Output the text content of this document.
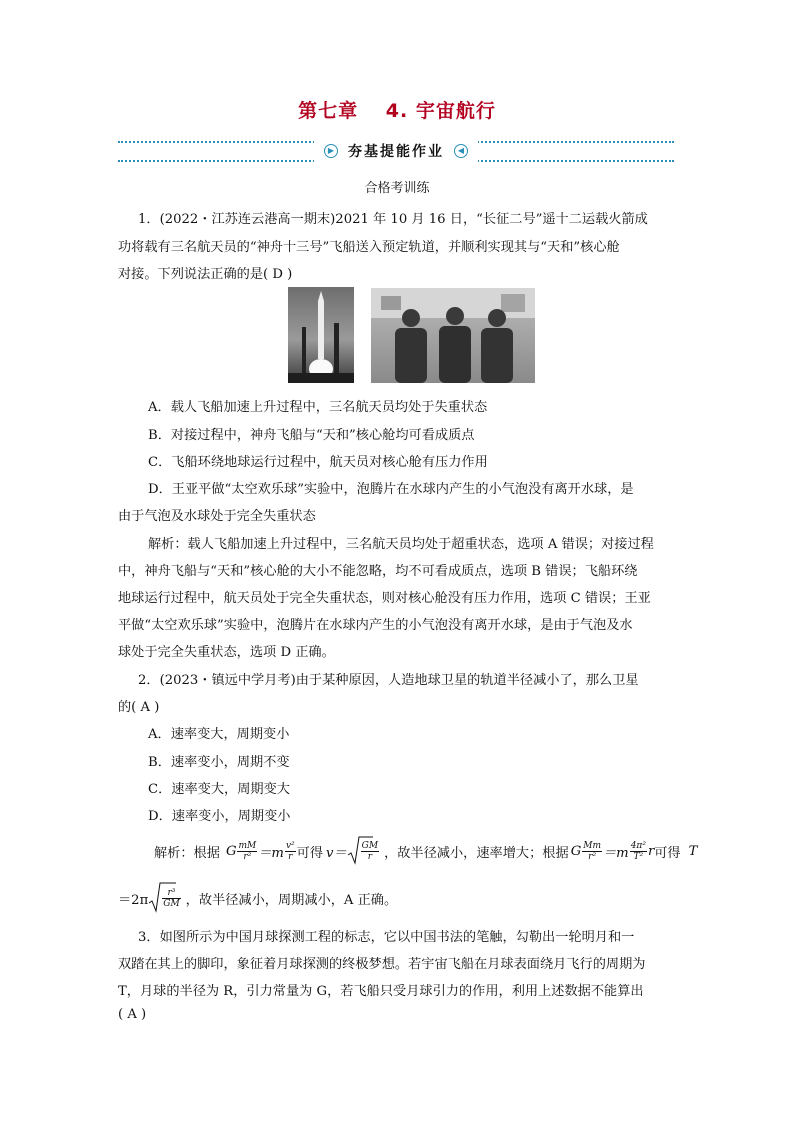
第七章　 4. 宇宙航行
▶ 夯基提能作业	◀
合格考训练
1．(2022・江苏连云港高一期末)2021 年 10 月 16 日，“长征二号”遥十二运载火箭成
功将载有三名航天员的“神舟十三号”飞船送入预定轨道，并顺利实现其与“天和”核心舱
对接。下列说法正确的是( D )
A．载人飞船加速上升过程中，三名航天员均处于失重状态
B．对接过程中，神舟飞船与“天和”核心舱均可看成质点
C．飞船环绕地球运行过程中，航天员对核心舱有压力作用
D．王亚平做“太空欢乐球”实验中，泡腾片在水球内产生的小气泡没有离开水球，是
由于气泡及水球处于完全失重状态
解析：载人飞船加速上升过程中，三名航天员均处于超重状态，选项 A 错误；对接过程
中，神舟飞船与“天和”核心舱的大小不能忽略，均不可看成质点，选项 B 错误；飞船环绕
地球运行过程中，航天员处于完全失重状态，则对核心舱没有压力作用，选项 C 错误；王亚
平做“太空欢乐球”实验中，泡腾片在水球内产生的小气泡没有离开水球，是由于气泡及水
球处于完全失重状态，选项 D 正确。
2．(2023・镇远中学月考)由于某种原因，人造地球卫星的轨道半径减小了，那么卫星
的( A )
A．速率变大，周期变小
B．速率变小，周期不变
C．速率变大，周期变大
D．速率变小，周期变小
解析：根据 G $\frac{mM}{\text{r²}} =m \frac{\text{v²}}{r}$ 可得 $v= \frac{GM}{r}$ ，故半径减小，速率增大；根据 G $\frac{Mm}{\text{r²}} =m \frac{\text{4π²}}{\text{T²}}$ r 可得 T
$=2\pi \frac{\text{r³}}{GM}$ ，故半径减小，周期减小，A 正确。
3．如图所示为中国月球探测工程的标志，它以中国书法的笔触，勾勒出一轮明月和一
双踏在其上的脚印，象征着月球探测的终极梦想。若宇宙飞船在月球表面绕月飞行的周期为
T，月球的半径为 R，引力常量为 G，若飞船只受月球引力的作用，利用上述数据不能算出
( A )
